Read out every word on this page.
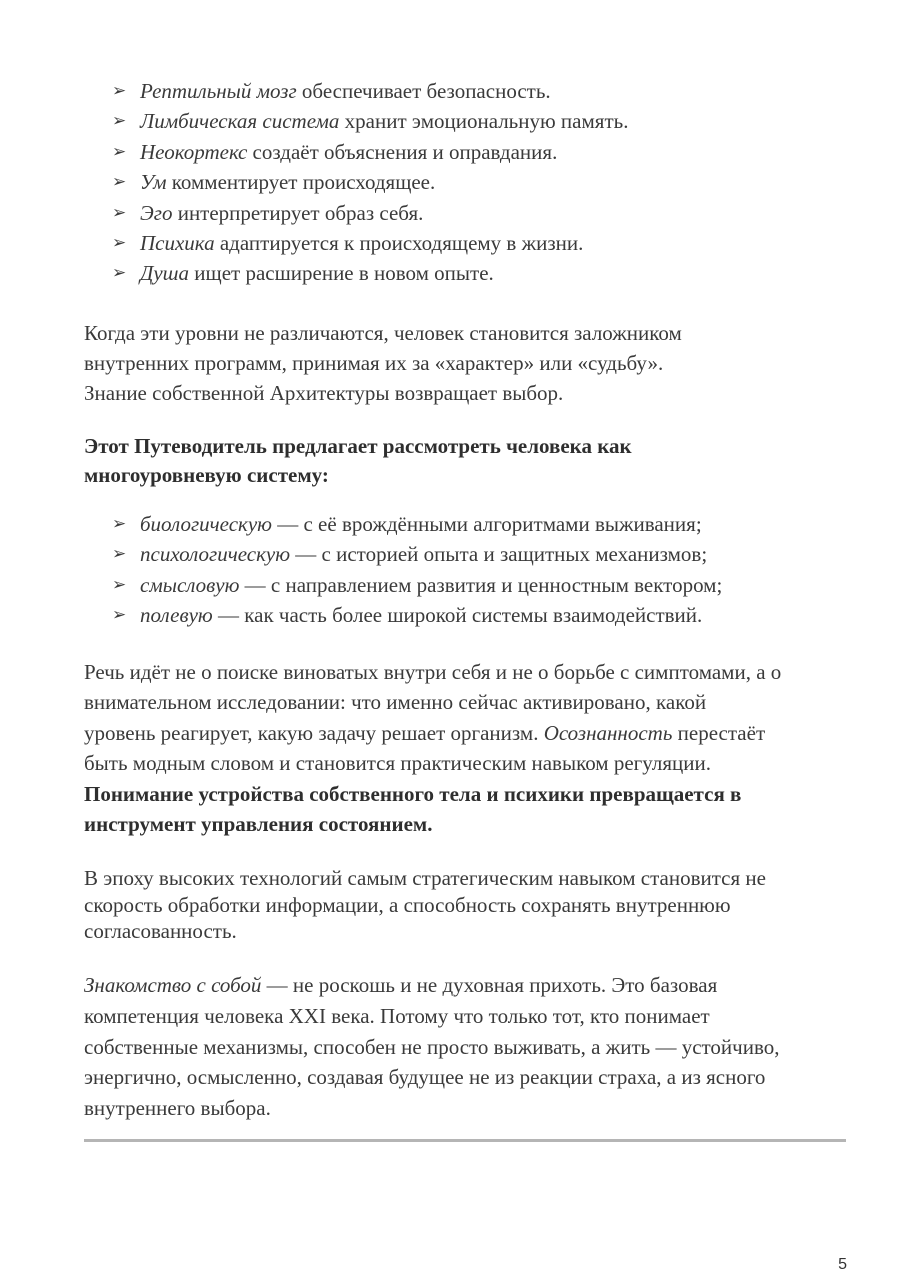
➢ Рептильный мозг обеспечивает безопасность.
➢ Лимбическая система хранит эмоциональную память.
➢ Неокортекс создаёт объяснения и оправдания.
➢ Ум комментирует происходящее.
➢ Эго интерпретирует образ себя.
➢ Психика адаптируется к происходящему в жизни.
➢ Душа ищет расширение в новом опыте.

Когда эти уровни не различаются, человек становится заложником
внутренних программ, принимая их за «характер» или «судьбу».
Знание собственной Архитектуры возвращает выбор.

Этот Путеводитель предлагает рассмотреть человека как
многоуровневую систему:

➢ биологическую — с её врождёнными алгоритмами выживания;
➢ психологическую — с историей опыта и защитных механизмов;
➢ смысловую — с направлением развития и ценностным вектором;
➢ полевую — как часть более широкой системы взаимодействий.

Речь идёт не о поиске виноватых внутри себя и не о борьбе с симптомами, а о
внимательном исследовании: что именно сейчас активировано, какой
уровень реагирует, какую задачу решает организм. Осознанность перестаёт
быть модным словом и становится практическим навыком регуляции.
Понимание устройства собственного тела и психики превращается в
инструмент управления состоянием.

В эпоху высоких технологий самым стратегическим навыком становится не
скорость обработки информации, а способность сохранять внутреннюю
согласованность.

Знакомство с собой — не роскошь и не духовная прихоть. Это базовая
компетенция человека XXI века. Потому что только тот, кто понимает
собственные механизмы, способен не просто выживать, а жить — устойчиво,
энергично, осмысленно, создавая будущее не из реакции страха, а из ясного
внутреннего выбора.

5
